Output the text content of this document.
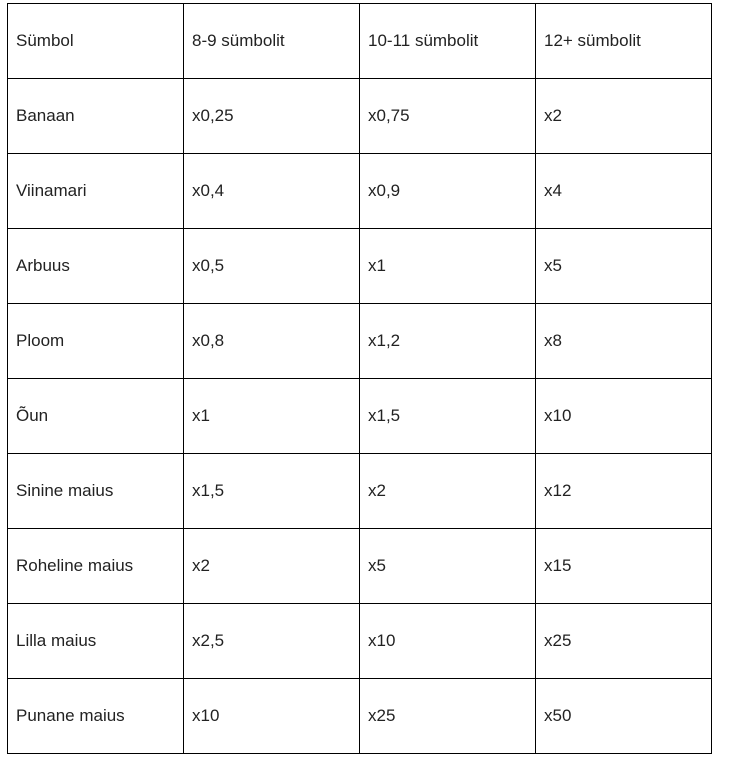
Sümbol	8-9 sümbolit	10-11 sümbolit	12+ sümbolit
Banaan	x0,25	x0,75	x2
Viinamari	x0,4	x0,9	x4
Arbuus	x0,5	x1	x5
Ploom	x0,8	x1,2	x8
Õun	x1	x1,5	x10
Sinine maius	x1,5	x2	x12
Roheline maius	x2	x5	x15
Lilla maius	x2,5	x10	x25
Punane maius	x10	x25	x50
